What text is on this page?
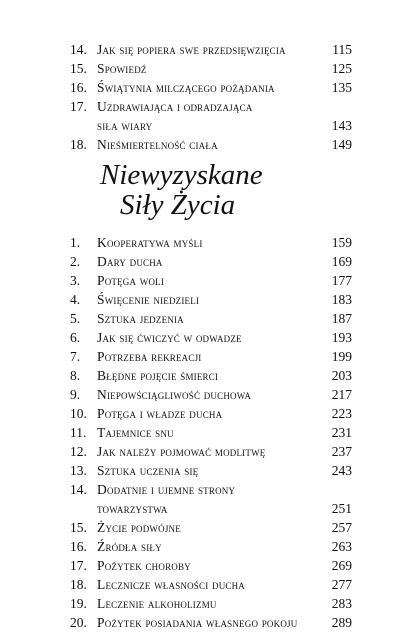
14. Jak się popiera swe przedsięwzięcia	115
15. Spowiedź	125
16. Świątynia milczącego pożądania	135
17. Uzdrawiająca i odradzająca
siła wiary	143
18. Nieśmiertelność ciała	149
Niewyzyskane
Siły Życia
1. Kooperatywa myśli	159
2. Dary ducha	169
3. Potęga woli	177
4. Święcenie niedzieli	183
5. Sztuka jedzenia	187
6. Jak się ćwiczyć w odwadze	193
7. Potrzeba rekreacji	199
8. Błędne pojęcie śmierci	203
9. Niepowściągliwość duchowa	217
10. Potęga i władze ducha	223
11. Tajemnice snu	231
12. Jak należy pojmować modlitwę	237
13. Sztuka uczenia się	243
14. Dodatnie i ujemne strony
towarzystwa	251
15. Życie podwójne	257
16. Źródła siły	263
17. Pożytek choroby	269
18. Lecznicze własności ducha	277
19. Leczenie alkoholizmu	283
20. Pożytek posiadania własnego pokoju	289
